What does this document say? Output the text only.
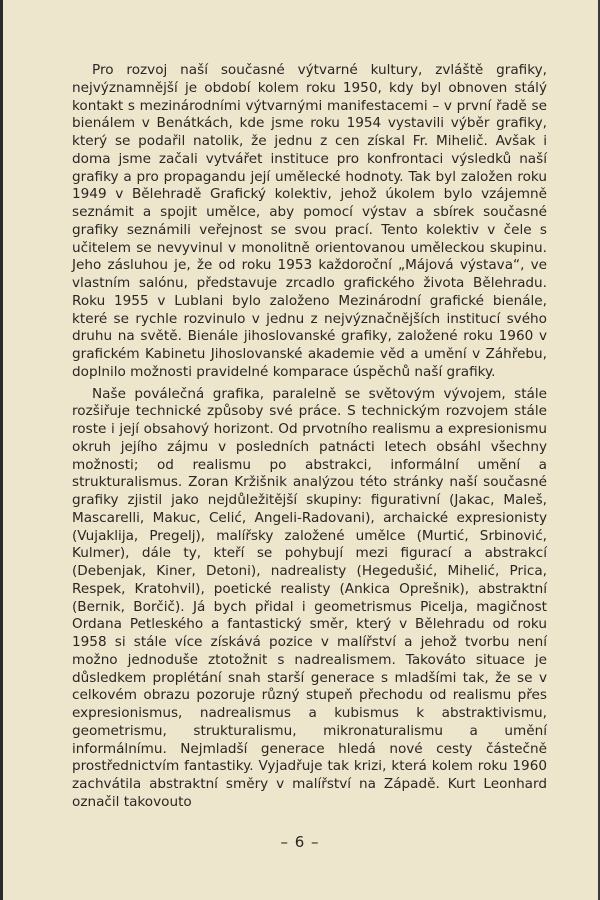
Pro rozvoj naší současné výtvarné kultury, zvláště grafiky, nejvýznamnější je období kolem roku 1950, kdy byl obnoven stálý kontakt s mezinárodními výtvarnými manifestacemi – v první řadě se bienálem v Benátkách, kde jsme roku 1954 vystavili výběr grafiky, který se podařil natolik, že jednu z cen získal Fr. Mihelič. Avšak i doma jsme začali vytvářet instituce pro konfrontaci výsledků naší grafiky a pro propagandu její umělecké hodnoty. Tak byl založen roku 1949 v Bělehradě Grafický kolektiv, jehož úkolem bylo vzájemně seznámit a spojit umělce, aby pomocí výstav a sbírek současné grafiky seznámili veřejnost se svou prací. Tento kolektiv v čele s učitelem se nevyvinul v monolitně orientovanou uměleckou skupinu. Jeho zásluhou je, že od roku 1953 každoroční „Májová výstava“, ve vlastním salónu, představuje zrcadlo grafického života Bělehradu. Roku 1955 v Lublani bylo založeno Mezinárodní grafické bienále, které se rychle rozvinulo v jednu z nejvýznačnějších institucí svého druhu na světě. Bienále jihoslovanské grafiky, založené roku 1960 v grafickém Kabinetu Jihoslovanské akademie věd a umění v Záhřebu, doplnilo možnosti pravidelné komparace úspěchů naší grafiky.

Naše poválečná grafika, paralelně se světovým vývojem, stále rozšiřuje technické způsoby své práce. S technickým rozvojem stále roste i její obsahový horizont. Od prvotního realismu a expresionismu okruh jejího zájmu v posledních patnácti letech obsáhl všechny možnosti; od realismu po abstrakci, informální umění a strukturalismus. Zoran Kržišnik analýzou této stránky naší současné grafiky zjistil jako nejdůležitější skupiny: figurativní (Jakac, Maleš, Mascarelli, Makuc, Celić, Angeli-Radovani), archaické expresionisty (Vujaklija, Pregelj), malířsky založené umělce (Murtić, Srbinović, Kulmer), dále ty, kteří se pohybují mezi figurací a abstrakcí (Debenjak, Kiner, Detoni), nadrealisty (Hegedušić, Mihelić, Prica, Respek, Kratohvil), poetické realisty (Ankica Oprešnik), abstraktní (Bernik, Borčič). Já bych přidal i geometrismus Picelja, magičnost Ordana Petleského a fantastický směr, který v Bělehradu od roku 1958 si stále více získává pozice v malířství a jehož tvorbu není možno jednoduše ztotožnit s nadrealismem. Takováto situace je důsledkem proplétání snah starší generace s mladšími tak, že se v celkovém obrazu pozoruje různý stupeň přechodu od realismu přes expresionismus, nadrealismus a kubismus k abstraktivismu, geometrismu, strukturalismu, mikronaturalismu a umění informálnímu. Nejmladší generace hledá nové cesty částečně prostřednictvím fantastiky. Vyjadřuje tak krizi, která kolem roku 1960 zachvátila abstraktní směry v malířství na Západě. Kurt Leonhard označil takovouto

– 6 –
